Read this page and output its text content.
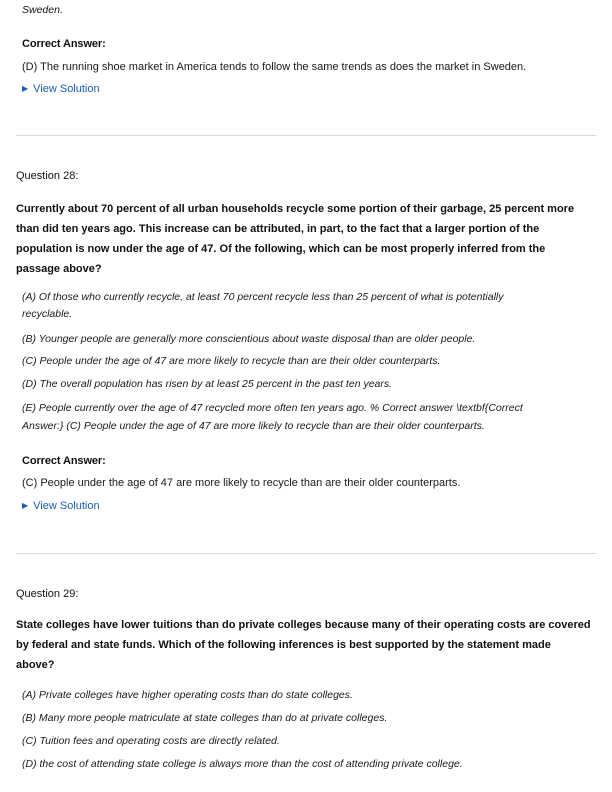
Sweden.
Correct Answer:
(D) The running shoe market in America tends to follow the same trends as does the market in Sweden.
▶ View Solution
Question 28:
Currently about 70 percent of all urban households recycle some portion of their garbage, 25 percent more
than did ten years ago. This increase can be attributed, in part, to the fact that a larger portion of the
population is now under the age of 47. Of the following, which can be most properly inferred from the
passage above?
(A) Of those who currently recycle, at least 70 percent recycle less than 25 percent of what is potentially
recyclable.
(B) Younger people are generally more conscientious about waste disposal than are older people.
(C) People under the age of 47 are more likely to recycle than are their older counterparts.
(D) The overall population has risen by at least 25 percent in the past ten years.
(E) People currently over the age of 47 recycled more often ten years ago. % Correct answer \textbf{Correct
Answer:} (C) People under the age of 47 are more likely to recycle than are their older counterparts.
Correct Answer:
(C) People under the age of 47 are more likely to recycle than are their older counterparts.
▶ View Solution
Question 29:
State colleges have lower tuitions than do private colleges because many of their operating costs are covered
by federal and state funds. Which of the following inferences is best supported by the statement made
above?
(A) Private colleges have higher operating costs than do state colleges.
(B) Many more people matriculate at state colleges than do at private colleges.
(C) Tuition fees and operating costs are directly related.
(D) the cost of attending state college is always more than the cost of attending private college.
